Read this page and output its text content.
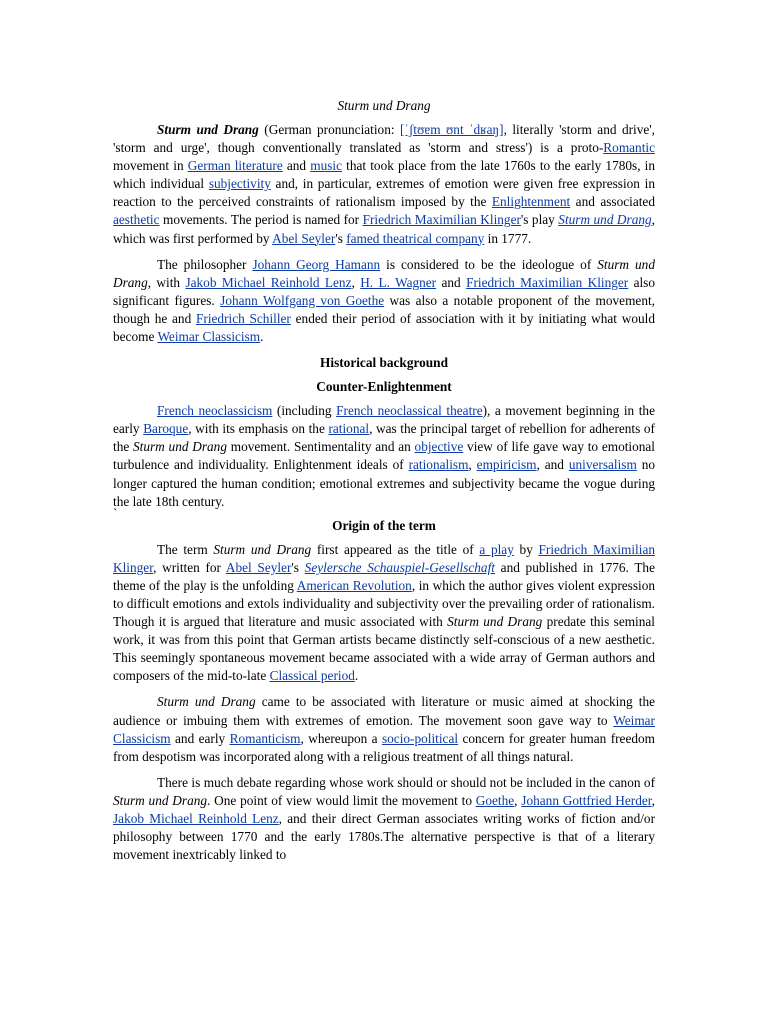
Sturm und Drang

Sturm und Drang (German pronunciation: [ˈʃtʊɐm ʊnt ˈdʁaŋ], literally 'storm and drive', 'storm and urge', though conventionally translated as 'storm and stress') is a proto-Romantic movement in German literature and music that took place from the late 1760s to the early 1780s, in which individual subjectivity and, in particular, extremes of emotion were given free expression in reaction to the perceived constraints of rationalism imposed by the Enlightenment and associated aesthetic movements. The period is named for Friedrich Maximilian Klinger's play Sturm und Drang, which was first performed by Abel Seyler's famed theatrical company in 1777.

The philosopher Johann Georg Hamann is considered to be the ideologue of Sturm und Drang, with Jakob Michael Reinhold Lenz, H. L. Wagner and Friedrich Maximilian Klinger also significant figures. Johann Wolfgang von Goethe was also a notable proponent of the movement, though he and Friedrich Schiller ended their period of association with it by initiating what would become Weimar Classicism.

Historical background
Counter-Enlightenment

French neoclassicism (including French neoclassical theatre), a movement beginning in the early Baroque, with its emphasis on the rational, was the principal target of rebellion for adherents of the Sturm und Drang movement. Sentimentality and an objective view of life gave way to emotional turbulence and individuality. Enlightenment ideals of rationalism, empiricism, and universalism no longer captured the human condition; emotional extremes and subjectivity became the vogue during the late 18th century.

`
Origin of the term

The term Sturm und Drang first appeared as the title of a play by Friedrich Maximilian Klinger, written for Abel Seyler's Seylersche Schauspiel-Gesellschaft and published in 1776. The theme of the play is the unfolding American Revolution, in which the author gives violent expression to difficult emotions and extols individuality and subjectivity over the prevailing order of rationalism. Though it is argued that literature and music associated with Sturm und Drang predate this seminal work, it was from this point that German artists became distinctly self-conscious of a new aesthetic. This seemingly spontaneous movement became associated with a wide array of German authors and composers of the mid-to-late Classical period.

Sturm und Drang came to be associated with literature or music aimed at shocking the audience or imbuing them with extremes of emotion. The movement soon gave way to Weimar Classicism and early Romanticism, whereupon a socio-political concern for greater human freedom from despotism was incorporated along with a religious treatment of all things natural.

There is much debate regarding whose work should or should not be included in the canon of Sturm und Drang. One point of view would limit the movement to Goethe, Johann Gottfried Herder, Jakob Michael Reinhold Lenz, and their direct German associates writing works of fiction and/or philosophy between 1770 and the early 1780s.The alternative perspective is that of a literary movement inextricably linked to
